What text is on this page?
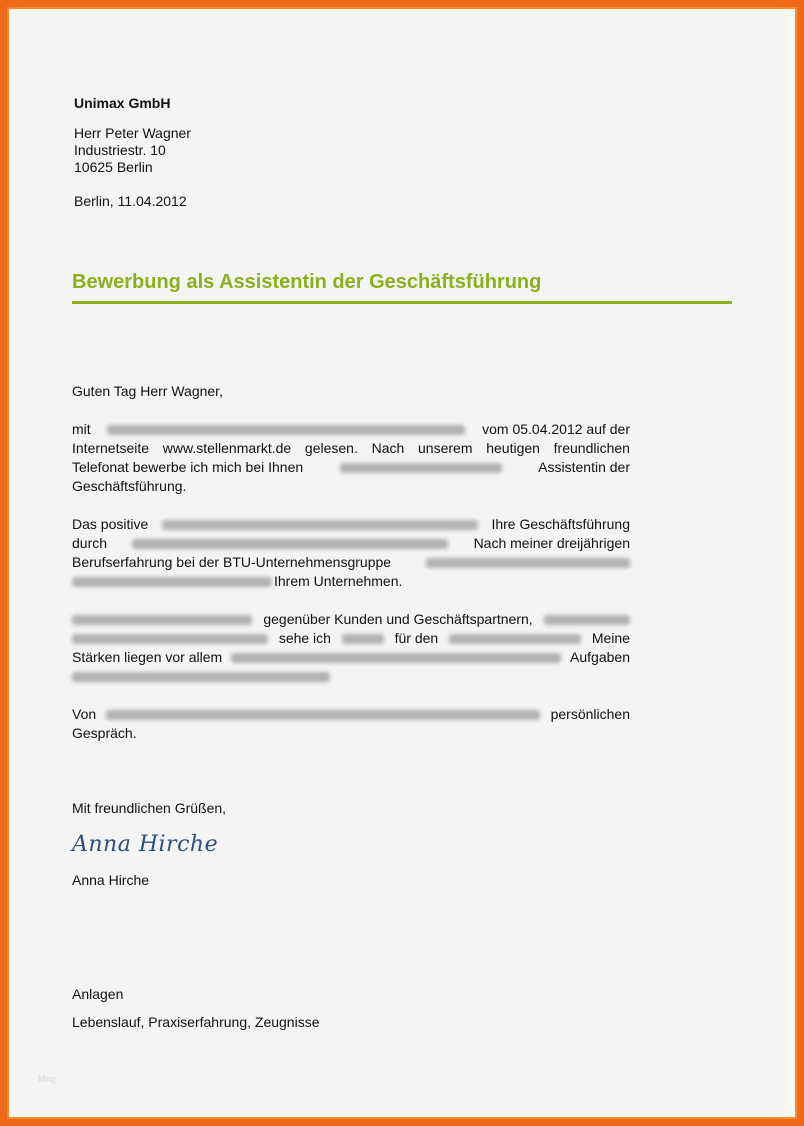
Unimax GmbH
Herr Peter Wagner
Industriestr. 10
10625 Berlin
Berlin, 11.04.2012
Bewerbung als Assistentin der Geschäftsführung
Guten Tag Herr Wagner,
mit	vom 05.04.2012 auf der
Internetseite www.stellenmarkt.de gelesen. Nach unserem heutigen freundlichen
Telefonat bewerbe ich mich bei Ihnen	Assistentin der
Geschäftsführung.
Das positive	Ihre Geschäftsführung
durch	Nach meiner dreijährigen
Berufserfahrung bei der BTU-Unternehmensgruppe
Ihrem Unternehmen.
gegenüber Kunden und Geschäftspartnern,
sehe ich	für den	Meine
Stärken liegen vor allem	Aufgaben
Von	persönlichen
Gespräch.
Mit freundlichen Grüßen,
Anna Hirche
Anna Hirche
Anlagen
Lebenslauf, Praxiserfahrung, Zeugnisse
Mng
